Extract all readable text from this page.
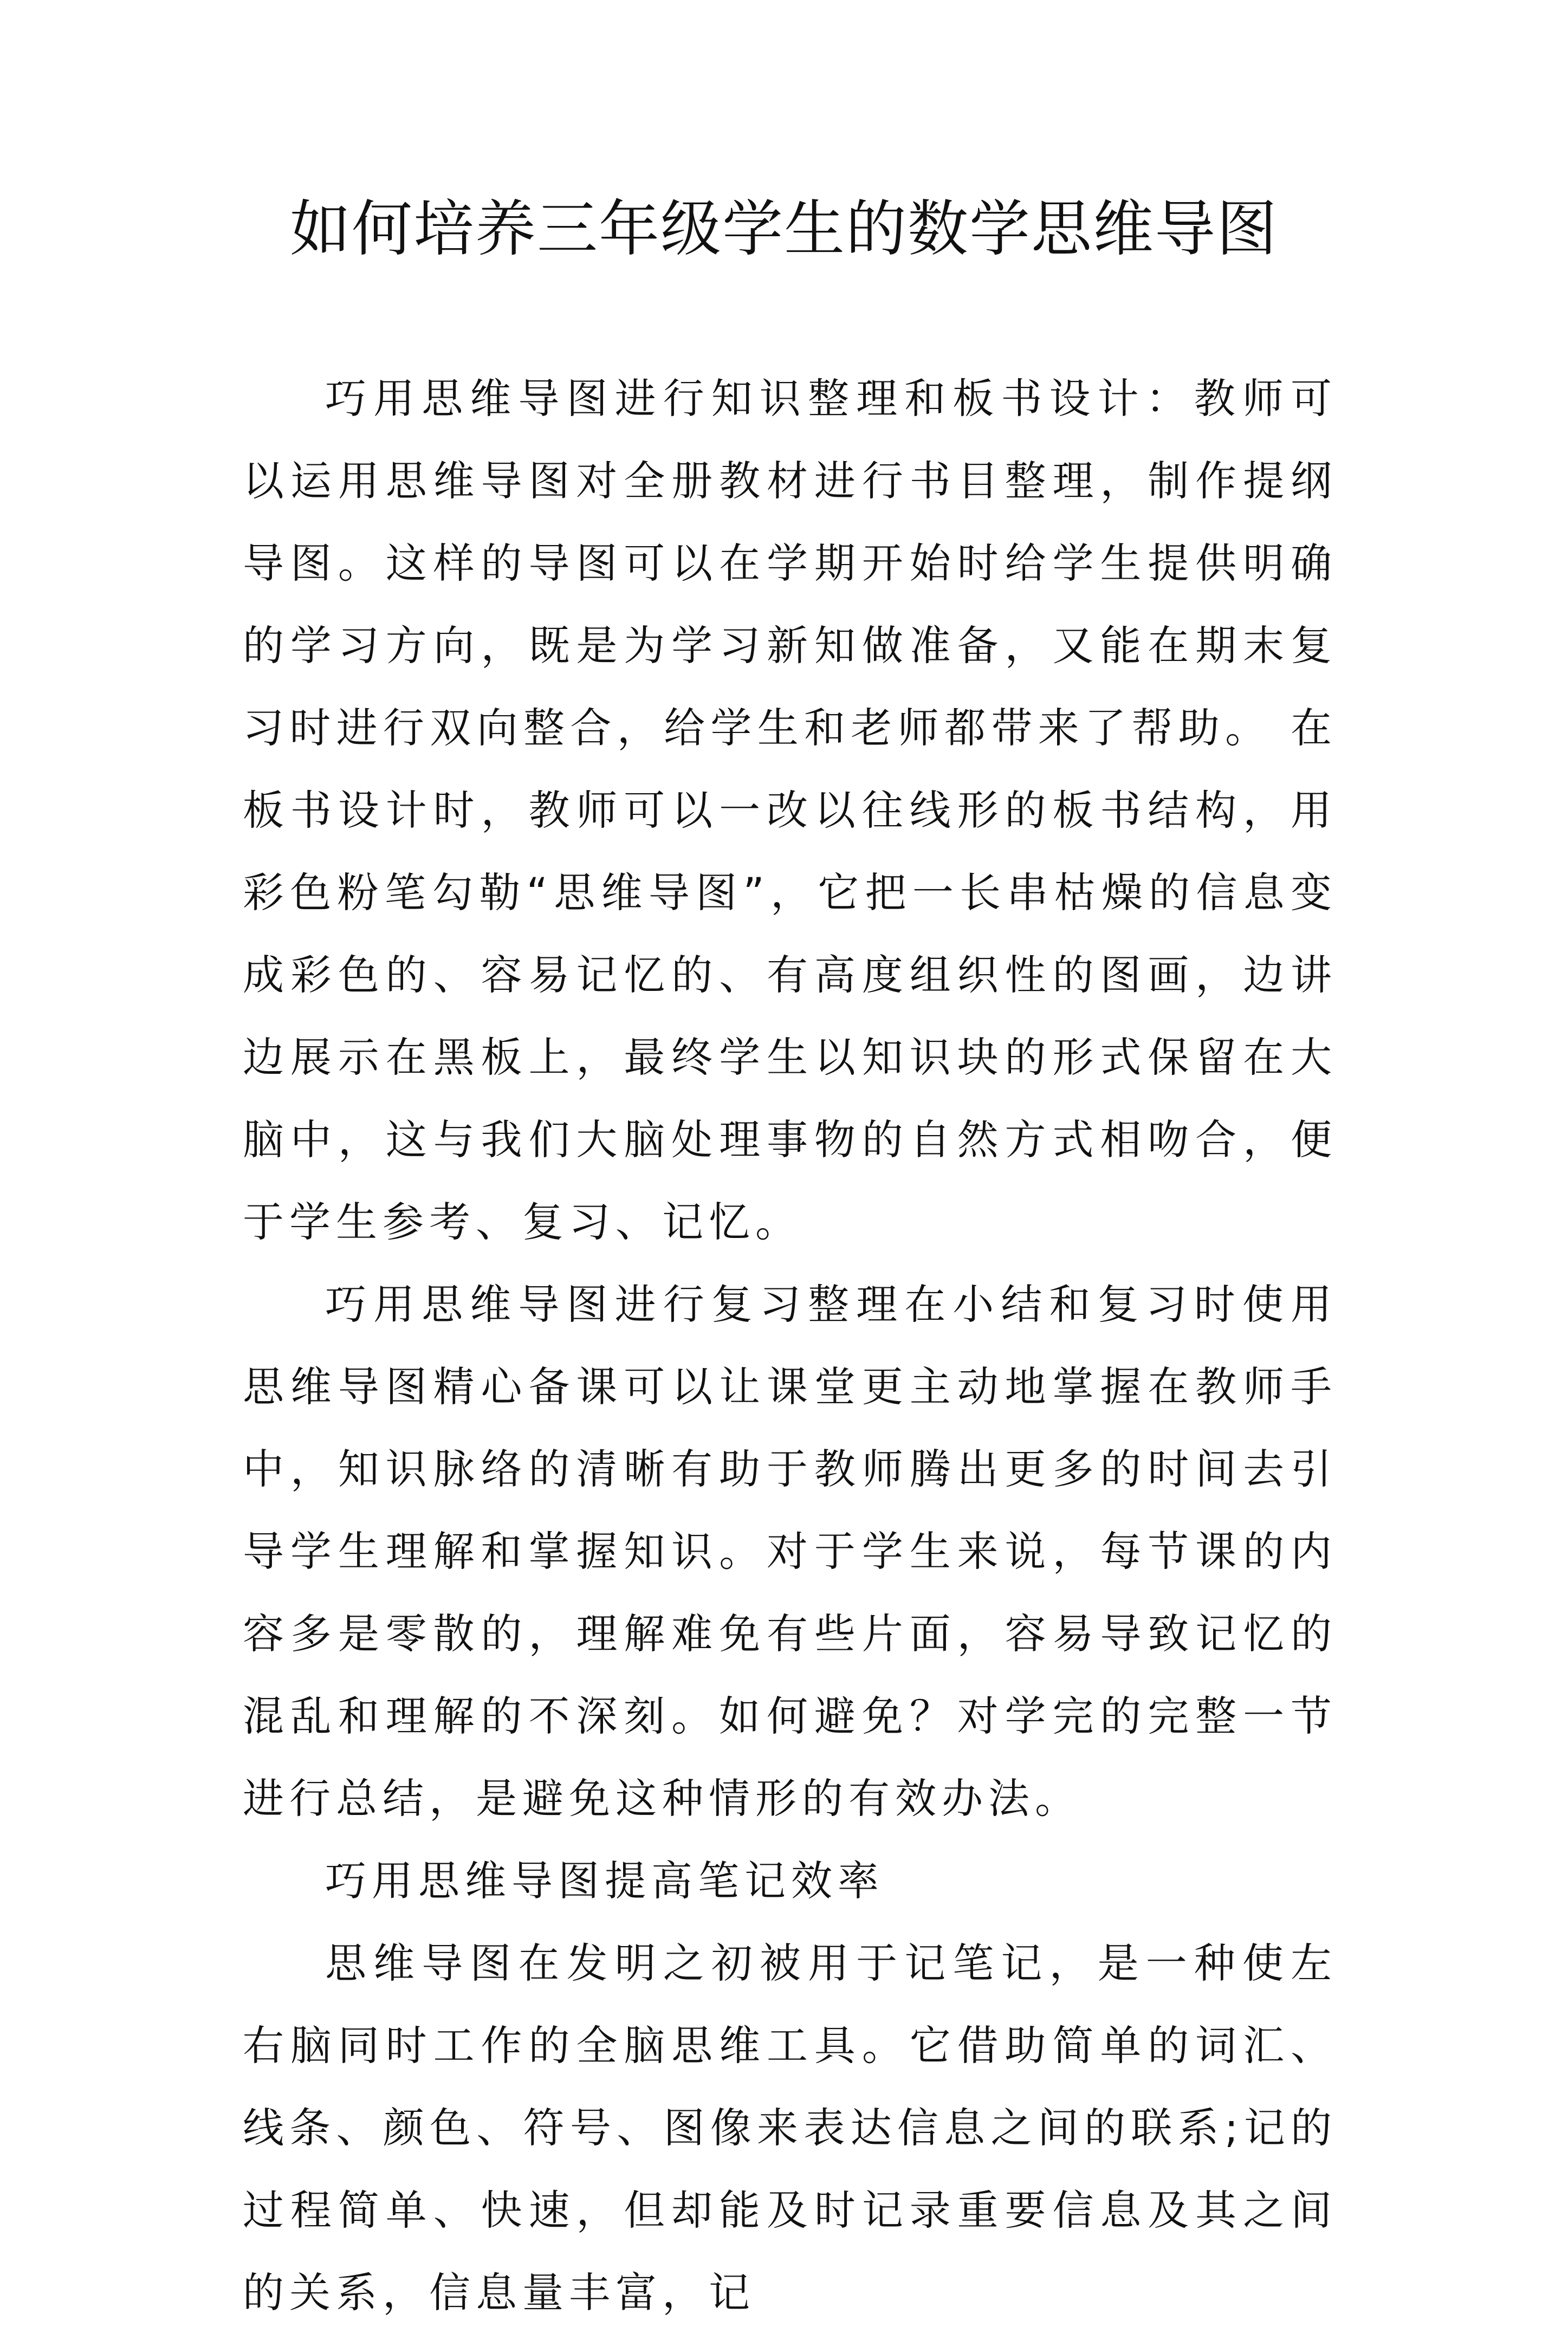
如何培养三年级学生的数学思维导图

巧用思维导图进行知识整理和板书设计：教师可以运用思维导图对全册教材进行书目整理，制作提纲导图。这样的导图可以在学期开始时给学生提供明确的学习方向，既是为学习新知做准备，又能在期末复习时进行双向整合，给学生和老师都带来了帮助。 在板书设计时，教师可以一改以往线形的板书结构，用彩色粉笔勾勒“思维导图”，它把一长串枯燥的信息变成彩色的、容易记忆的、有高度组织性的图画，边讲边展示在黑板上，最终学生以知识块的形式保留在大脑中，这与我们大脑处理事物的自然方式相吻合，便于学生参考、复习、记忆。

巧用思维导图进行复习整理在小结和复习时使用思维导图精心备课可以让课堂更主动地掌握在教师手中，知识脉络的清晰有助于教师腾出更多的时间去引导学生理解和掌握知识。对于学生来说，每节课的内容多是零散的，理解难免有些片面，容易导致记忆的混乱和理解的不深刻。如何避免？对学完的完整一节进行总结，是避免这种情形的有效办法。

巧用思维导图提高笔记效率

思维导图在发明之初被用于记笔记，是一种使左右脑同时工作的全脑思维工具。它借助简单的词汇、线条、颜色、符号、图像来表达信息之间的联系;记的过程简单、快速，但却能及时记录重要信息及其之间的关系，信息量丰富，记
